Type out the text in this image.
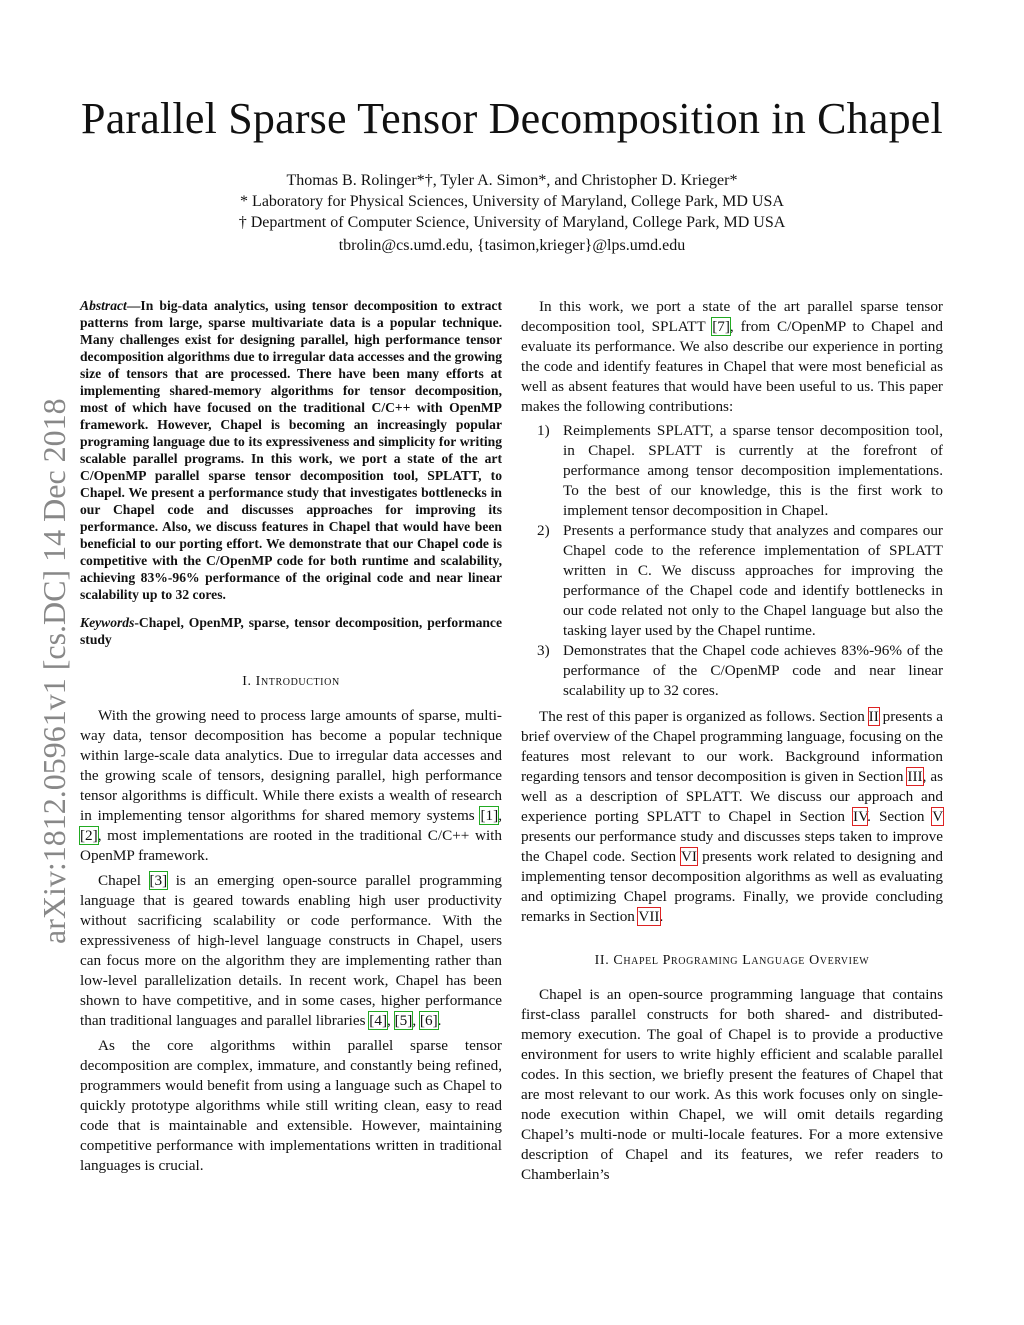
Parallel Sparse Tensor Decomposition in Chapel
Thomas B. Rolinger*†, Tyler A. Simon*, and Christopher D. Krieger*
* Laboratory for Physical Sciences, University of Maryland, College Park, MD USA
† Department of Computer Science, University of Maryland, College Park, MD USA
tbrolin@cs.umd.edu, {tasimon,krieger}@lps.umd.edu
arXiv:1812.05961v1 [cs.DC] 14 Dec 2018
Abstract—In big-data analytics, using tensor decomposition to extract patterns from large, sparse multivariate data is a popular technique. Many challenges exist for designing parallel, high performance tensor decomposition algorithms due to irregular data accesses and the growing size of tensors that are processed. There have been many efforts at implementing shared-memory algorithms for tensor decomposition, most of which have focused on the traditional C/C++ with OpenMP framework. However, Chapel is becoming an increasingly popular programing language due to its expressiveness and simplicity for writing scalable parallel programs. In this work, we port a state of the art C/OpenMP parallel sparse tensor decomposition tool, SPLATT, to Chapel. We present a performance study that investigates bottlenecks in our Chapel code and discusses approaches for improving its performance. Also, we discuss features in Chapel that would have been beneficial to our porting effort. We demonstrate that our Chapel code is competitive with the C/OpenMP code for both runtime and scalability, achieving 83%-96% performance of the original code and near linear scalability up to 32 cores.
Keywords-Chapel, OpenMP, sparse, tensor decomposition, performance study
I. Introduction

With the growing need to process large amounts of sparse, multi-way data, tensor decomposition has become a popular technique within large-scale data analytics. Due to irregular data accesses and the growing scale of tensors, designing parallel, high performance tensor algorithms is difficult. While there exists a wealth of research in implementing tensor algorithms for shared memory systems [1], [2], most implementations are rooted in the traditional C/C++ with OpenMP framework.

Chapel [3] is an emerging open-source parallel programming language that is geared towards enabling high user productivity without sacrificing scalability or code performance. With the expressiveness of high-level language constructs in Chapel, users can focus more on the algorithm they are implementing rather than low-level parallelization details. In recent work, Chapel has been shown to have competitive, and in some cases, higher performance than traditional languages and parallel libraries [4], [5], [6].

As the core algorithms within parallel sparse tensor decomposition are complex, immature, and constantly being refined, programmers would benefit from using a language such as Chapel to quickly prototype algorithms while still writing clean, easy to read code that is maintainable and extensible. However, maintaining competitive performance with implementations written in traditional languages is crucial.

In this work, we port a state of the art parallel sparse tensor decomposition tool, SPLATT [7], from C/OpenMP to Chapel and evaluate its performance. We also describe our experience in porting the code and identify features in Chapel that were most beneficial as well as absent features that would have been useful to us. This paper makes the following contributions:

1) Reimplements SPLATT, a sparse tensor decomposition tool, in Chapel. SPLATT is currently at the forefront of performance among tensor decomposition implementations. To the best of our knowledge, this is the first work to implement tensor decomposition in Chapel.
2) Presents a performance study that analyzes and compares our Chapel code to the reference implementation of SPLATT written in C. We discuss approaches for improving the performance of the Chapel code and identify bottlenecks in our code related not only to the Chapel language but also the tasking layer used by the Chapel runtime.
3) Demonstrates that the Chapel code achieves 83%-96% of the performance of the C/OpenMP code and near linear scalability up to 32 cores.

The rest of this paper is organized as follows. Section II presents a brief overview of the Chapel programming language, focusing on the features most relevant to our work. Background information regarding tensors and tensor decomposition is given in Section III, as well as a description of SPLATT. We discuss our approach and experience porting SPLATT to Chapel in Section IV. Section V presents our performance study and discusses steps taken to improve the Chapel code. Section VI presents work related to designing and implementing tensor decomposition algorithms as well as evaluating and optimizing Chapel programs. Finally, we provide concluding remarks in Section VII.

II. Chapel Programing Language Overview

Chapel is an open-source programming language that contains first-class parallel constructs for both shared- and distributed-memory execution. The goal of Chapel is to provide a productive environment for users to write highly efficient and scalable parallel codes. In this section, we briefly present the features of Chapel that are most relevant to our work. As this work focuses only on single-node execution within Chapel, we will omit details regarding Chapel’s multi-node or multi-locale features. For a more extensive description of Chapel and its features, we refer readers to Chamberlain’s
